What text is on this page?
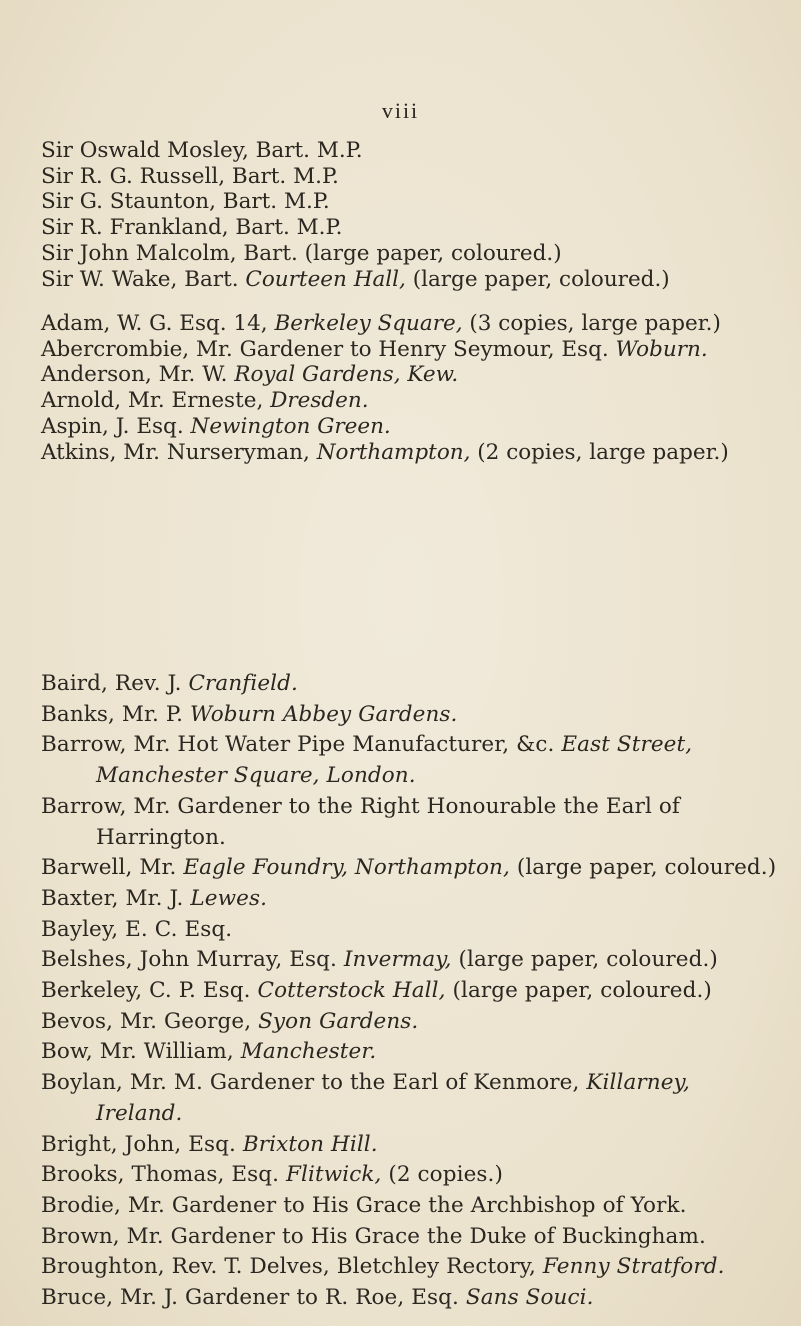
viii
Sir Oswald Mosley, Bart. M.P.
Sir R. G. Russell, Bart. M.P.
Sir G. Staunton, Bart. M.P.
Sir R. Frankland, Bart. M.P.
Sir John Malcolm, Bart. (large paper, coloured.)
Sir W. Wake, Bart. Courteen Hall, (large paper, coloured.)
Adam, W. G. Esq. 14, Berkeley Square, (3 copies, large paper.)
Abercrombie, Mr. Gardener to Henry Seymour, Esq. Woburn.
Anderson, Mr. W. Royal Gardens, Kew.
Arnold, Mr. Erneste, Dresden.
Aspin, J. Esq. Newington Green.
Atkins, Mr. Nurseryman, Northampton, (2 copies, large paper.)
Baird, Rev. J. Cranfield.
Banks, Mr. P. Woburn Abbey Gardens.
Barrow, Mr. Hot Water Pipe Manufacturer, &c. East Street,
Manchester Square, London.
Barrow, Mr. Gardener to the Right Honourable the Earl of
Harrington.
Barwell, Mr. Eagle Foundry, Northampton, (large paper, coloured.)
Baxter, Mr. J. Lewes.
Bayley, E. C. Esq.
Belshes, John Murray, Esq. Invermay, (large paper, coloured.)
Berkeley, C. P. Esq. Cotterstock Hall, (large paper, coloured.)
Bevos, Mr. George, Syon Gardens.
Bow, Mr. William, Manchester.
Boylan, Mr. M. Gardener to the Earl of Kenmore, Killarney,
Ireland.
Bright, John, Esq. Brixton Hill.
Brooks, Thomas, Esq. Flitwick, (2 copies.)
Brodie, Mr. Gardener to His Grace the Archbishop of York.
Brown, Mr. Gardener to His Grace the Duke of Buckingham.
Broughton, Rev. T. Delves, Bletchley Rectory, Fenny Stratford.
Bruce, Mr. J. Gardener to R. Roe, Esq. Sans Souci.
